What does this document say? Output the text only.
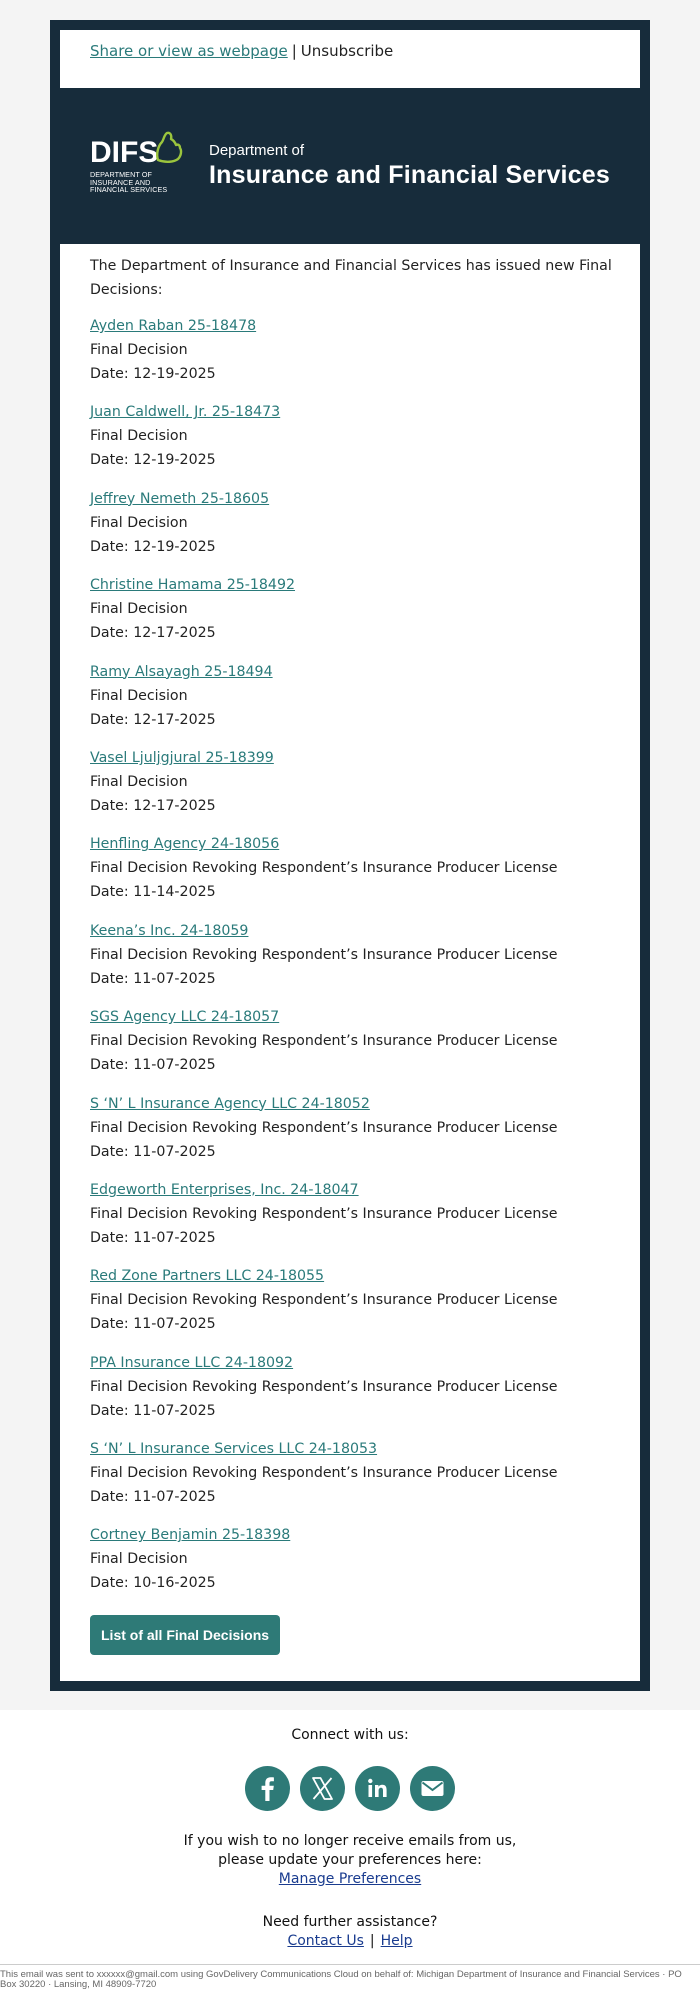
Share or view as webpage | Unsubscribe
DIFS
DEPARTMENT OF
INSURANCE AND
FINANCIAL SERVICES
Department of
Insurance and Financial Services
The Department of Insurance and Financial Services has issued new Final Decisions:
Ayden Raban 25-18478
Final Decision
Date: 12-19-2025
Juan Caldwell, Jr. 25-18473
Final Decision
Date: 12-19-2025
Jeffrey Nemeth 25-18605
Final Decision
Date: 12-19-2025
Christine Hamama 25-18492
Final Decision
Date: 12-17-2025
Ramy Alsayagh 25-18494
Final Decision
Date: 12-17-2025
Vasel Ljuljgjural 25-18399
Final Decision
Date: 12-17-2025
Henfling Agency 24-18056
Final Decision Revoking Respondent’s Insurance Producer License
Date: 11-14-2025
Keena’s Inc. 24-18059
Final Decision Revoking Respondent’s Insurance Producer License
Date: 11-07-2025
SGS Agency LLC 24-18057
Final Decision Revoking Respondent’s Insurance Producer License
Date: 11-07-2025
S ‘N’ L Insurance Agency LLC 24-18052
Final Decision Revoking Respondent’s Insurance Producer License
Date: 11-07-2025
Edgeworth Enterprises, Inc. 24-18047
Final Decision Revoking Respondent’s Insurance Producer License
Date: 11-07-2025
Red Zone Partners LLC 24-18055
Final Decision Revoking Respondent’s Insurance Producer License
Date: 11-07-2025
PPA Insurance LLC 24-18092
Final Decision Revoking Respondent’s Insurance Producer License
Date: 11-07-2025
S ‘N’ L Insurance Services LLC 24-18053
Final Decision Revoking Respondent’s Insurance Producer License
Date: 11-07-2025
Cortney Benjamin 25-18398
Final Decision
Date: 10-16-2025
List of all Final Decisions
Connect with us:
If you wish to no longer receive emails from us,
please update your preferences here:
Manage Preferences
Need further assistance?
Contact Us | Help
This email was sent to xxxxxx@gmail.com using GovDelivery Communications Cloud on behalf of: Michigan Department of Insurance and Financial Services · PO Box 30220 · Lansing, MI 48909-7720
